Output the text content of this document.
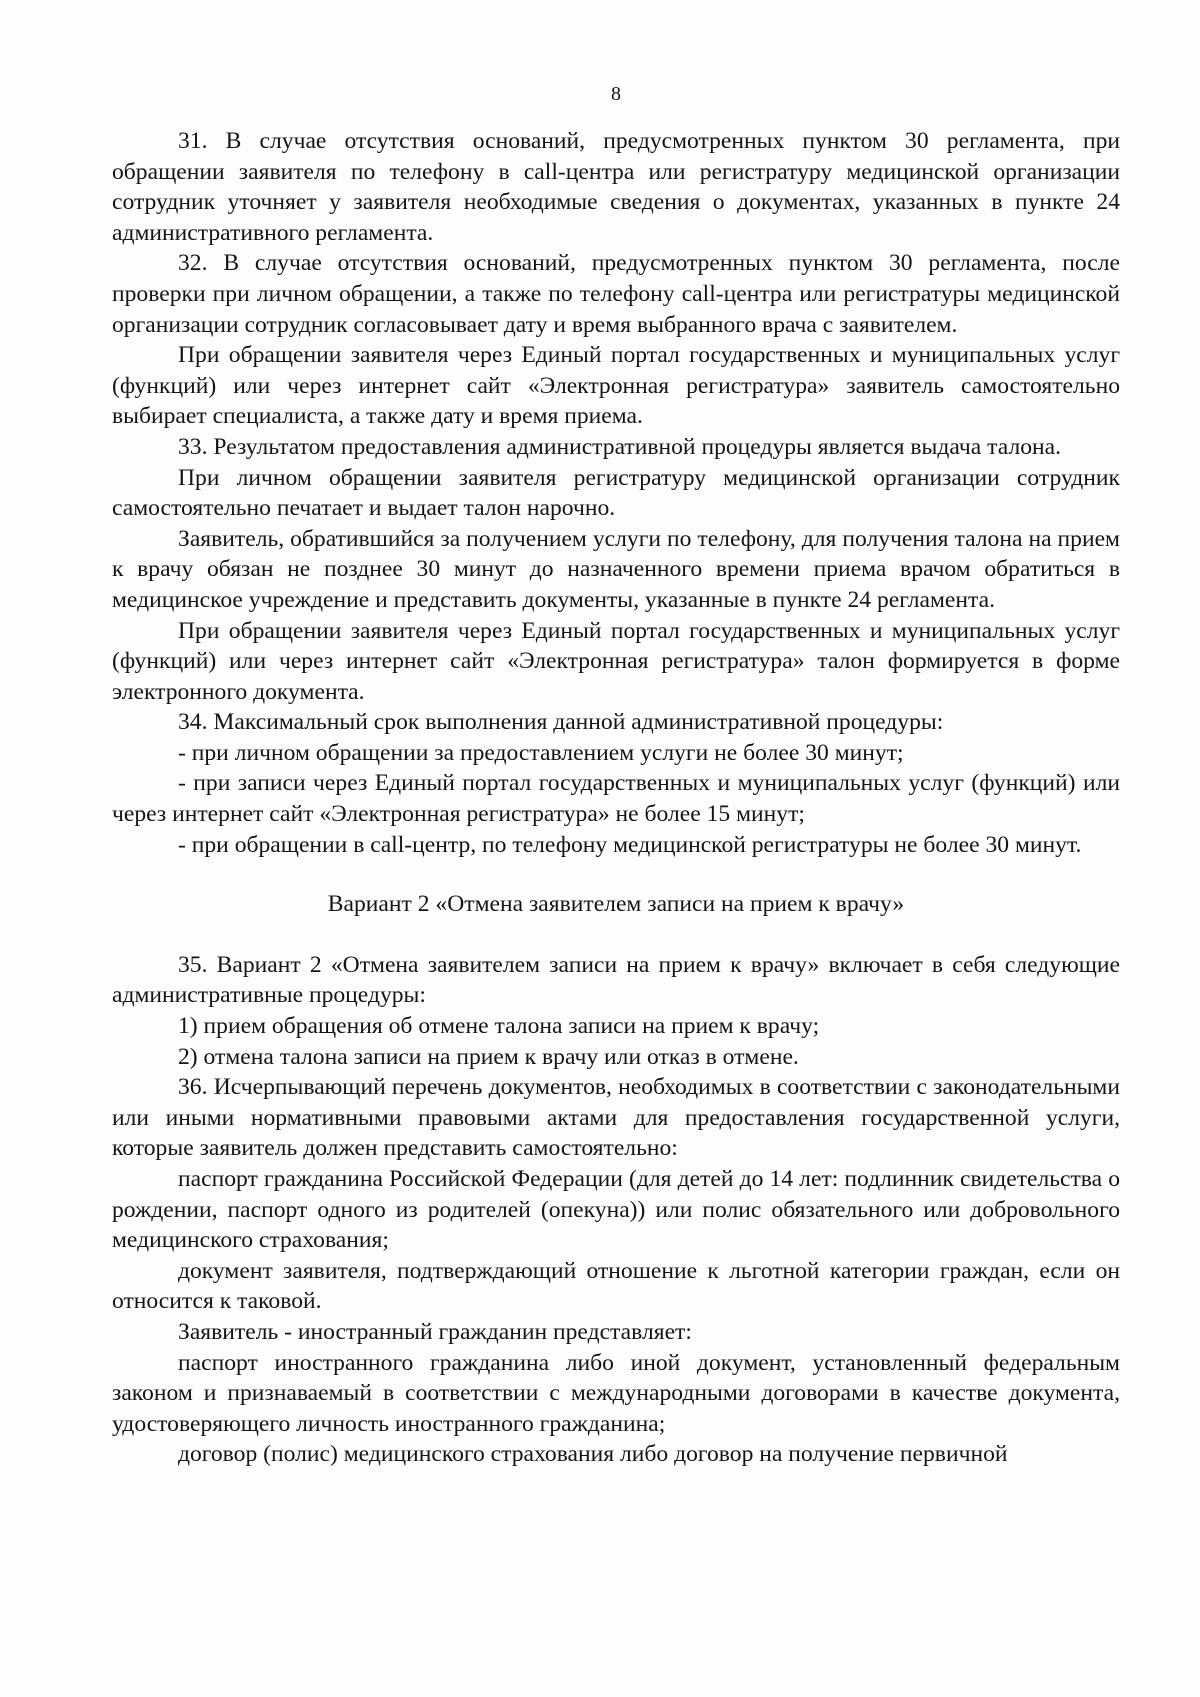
8

31. В случае отсутствия оснований, предусмотренных пунктом 30 регламента, при обращении заявителя по телефону в call-центра или регистратуру медицинской организации сотрудник уточняет у заявителя необходимые сведения о документах, указанных в пункте 24 административного регламента.

32. В случае отсутствия оснований, предусмотренных пунктом 30 регламента, после проверки при личном обращении, а также по телефону call-центра или регистратуры медицинской организации сотрудник согласовывает дату и время выбранного врача с заявителем.

При обращении заявителя через Единый портал государственных и муниципальных услуг (функций) или через интернет сайт «Электронная регистратура» заявитель самостоятельно выбирает специалиста, а также дату и время приема.

33. Результатом предоставления административной процедуры является выдача талона.

При личном обращении заявителя регистратуру медицинской организации сотрудник самостоятельно печатает и выдает талон нарочно.

Заявитель, обратившийся за получением услуги по телефону, для получения талона на прием к врачу обязан не позднее 30 минут до назначенного времени приема врачом обратиться в медицинское учреждение и представить документы, указанные в пункте 24 регламента.

При обращении заявителя через Единый портал государственных и муниципальных услуг (функций) или через интернет сайт «Электронная регистратура» талон формируется в форме электронного документа.

34. Максимальный срок выполнения данной административной процедуры:

- при личном обращении за предоставлением услуги не более 30 минут;

- при записи через Единый портал государственных и муниципальных услуг (функций) или через интернет сайт «Электронная регистратура» не более 15 минут;

- при обращении в call-центр, по телефону медицинской регистратуры не более 30 минут.

Вариант 2 «Отмена заявителем записи на прием к врачу»

35. Вариант 2 «Отмена заявителем записи на прием к врачу» включает в себя следующие административные процедуры:

1) прием обращения об отмене талона записи на прием к врачу;

2) отмена талона записи на прием к врачу или отказ в отмене.

36. Исчерпывающий перечень документов, необходимых в соответствии с законодательными или иными нормативными правовыми актами для предоставления государственной услуги, которые заявитель должен представить самостоятельно:

паспорт гражданина Российской Федерации (для детей до 14 лет: подлинник свидетельства о рождении, паспорт одного из родителей (опекуна)) или полис обязательного или добровольного медицинского страхования;

документ заявителя, подтверждающий отношение к льготной категории граждан, если он относится к таковой.

Заявитель - иностранный гражданин представляет:

паспорт иностранного гражданина либо иной документ, установленный федеральным законом и признаваемый в соответствии с международными договорами в качестве документа, удостоверяющего личность иностранного гражданина;

договор (полис) медицинского страхования либо договор на получение первичной
